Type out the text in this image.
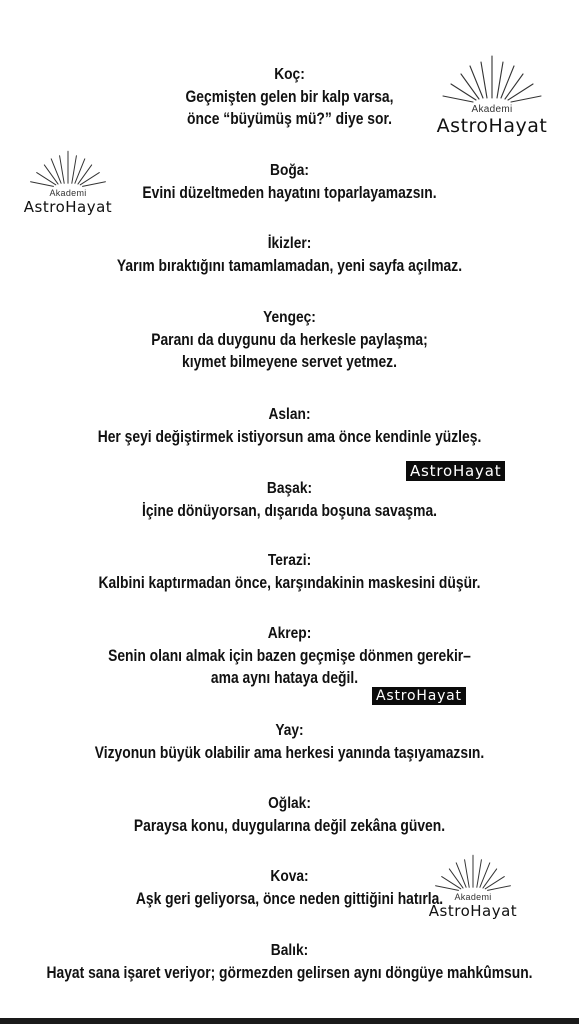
Koç:
Geçmişten gelen bir kalp varsa,
önce “büyümüş mü?” diye sor.
Boğa:
Evini düzeltmeden hayatını toparlayamazsın.
İkizler:
Yarım bıraktığını tamamlamadan, yeni sayfa açılmaz.
Yengeç:
Paranı da duygunu da herkesle paylaşma;
kıymet bilmeyene servet yetmez.
Aslan:
Her şeyi değiştirmek istiyorsun ama önce kendinle yüzleş.
Başak:
İçine dönüyorsan, dışarıda boşuna savaşma.
Terazi:
Kalbini kaptırmadan önce, karşındakinin maskesini düşür.
Akrep:
Senin olanı almak için bazen geçmişe dönmen gerekir–
ama aynı hataya değil.
Yay:
Vizyonun büyük olabilir ama herkesi yanında taşıyamazsın.
Oğlak:
Paraysa konu, duygularına değil zekâna güven.
Kova:
Aşk geri geliyorsa, önce neden gittiğini hatırla.
Balık:
Hayat sana işaret veriyor; görmezden gelirsen aynı döngüye mahkûmsun.
Akademi
AstroHayat
Akademi
AstroHayat
Akademi
AstroHayat
AstroHayat
AstroHayat
